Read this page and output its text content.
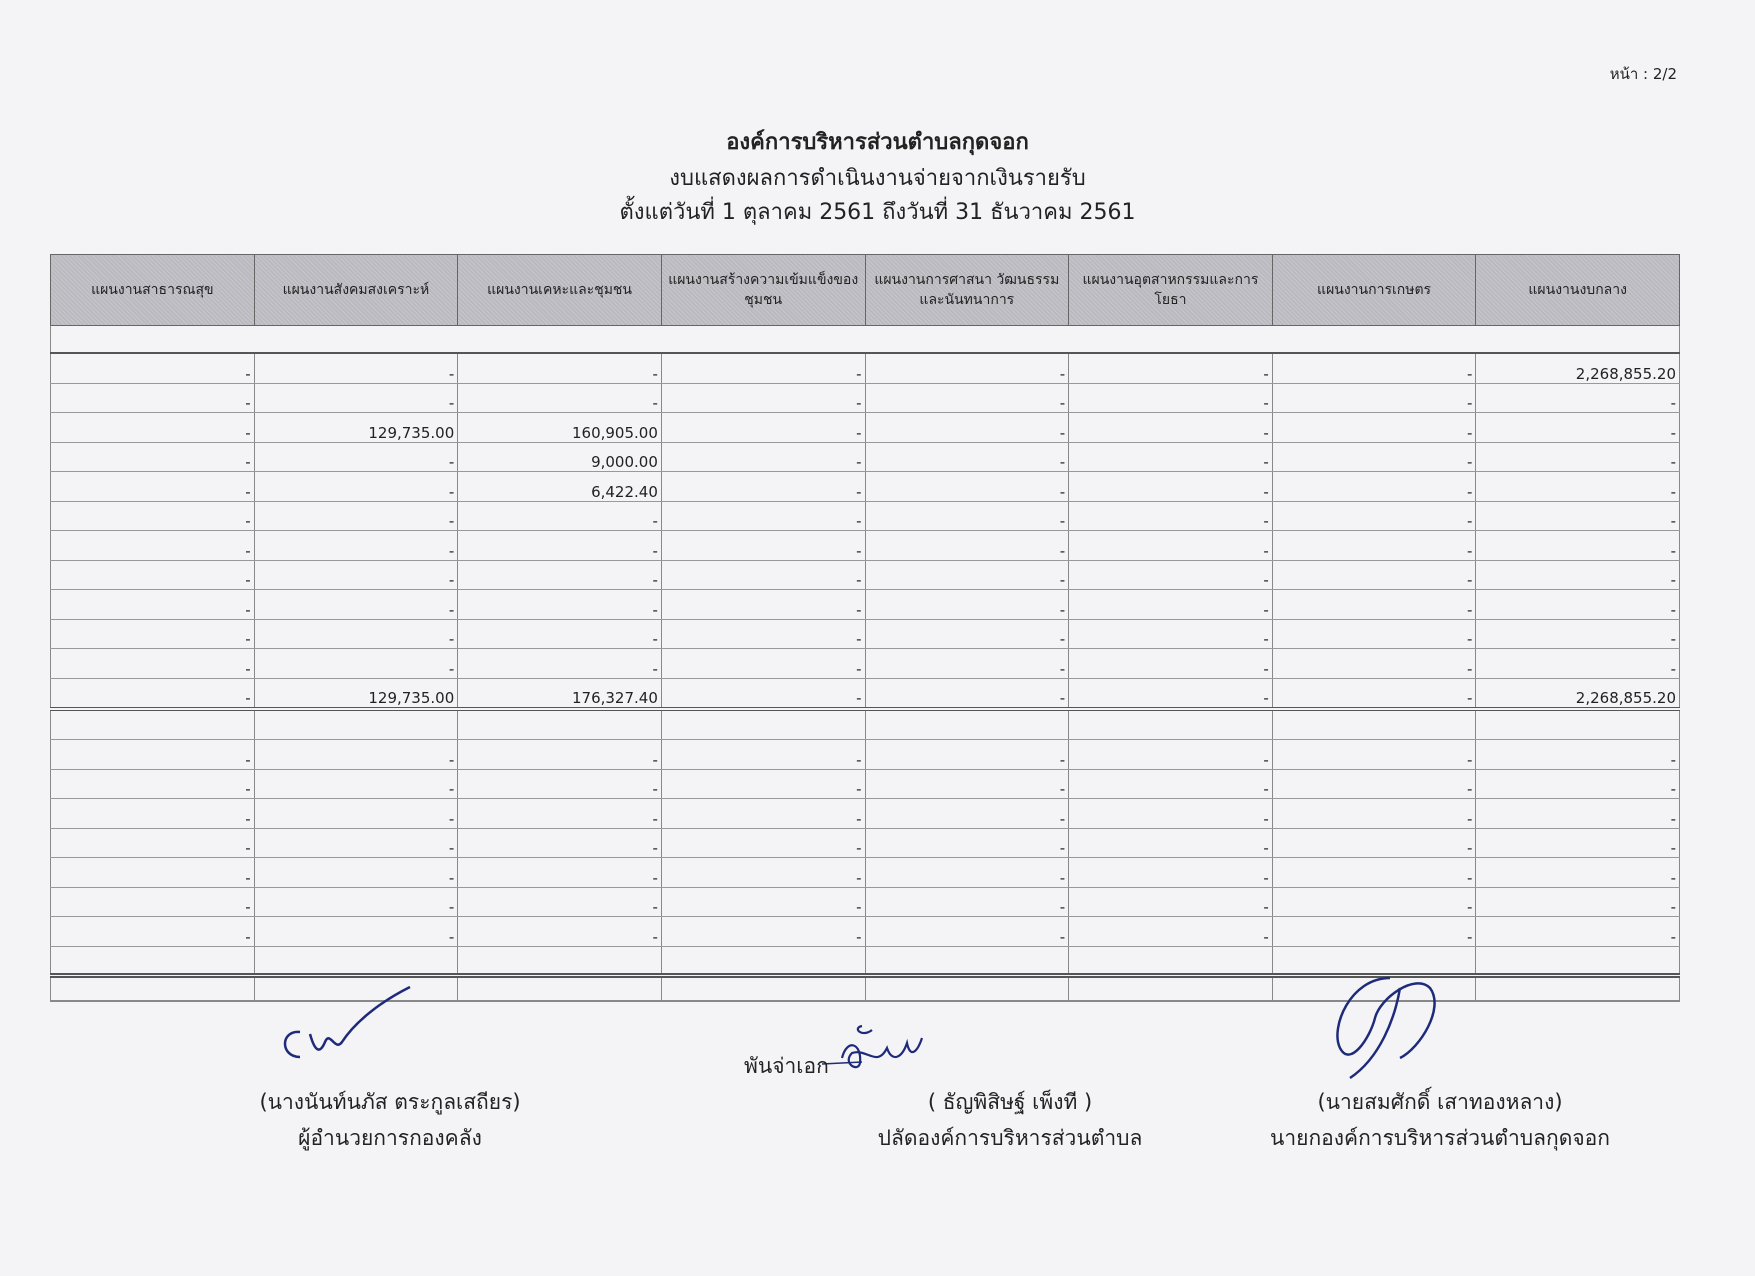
หน้า : 2/2
องค์การบริหารส่วนตำบลกุดจอก
งบแสดงผลการดำเนินงานจ่ายจากเงินรายรับ
ตั้งแต่วันที่ 1 ตุลาคม 2561 ถึงวันที่ 31 ธันวาคม 2561
แผนงานสาธารณสุข	แผนงานสังคมสงเคราะห์	แผนงานเคหะและชุมชน	แผนงานสร้างความเข้มแข็งของชุมชน	แผนงานการศาสนา วัฒนธรรมและนันทนาการ	แผนงานอุตสาหกรรมและการโยธา	แผนงานการเกษตร	แผนงานงบกลาง

-	-	-	-	-	-	-	2,268,855.20
-	-	-	-	-	-	-	-
-	129,735.00	160,905.00	-	-	-	-	-
-	-	9,000.00	-	-	-	-	-
-	-	6,422.40	-	-	-	-	-
-	-	-	-	-	-	-	-
-	-	-	-	-	-	-	-
-	-	-	-	-	-	-	-
-	-	-	-	-	-	-	-
-	-	-	-	-	-	-	-
-	-	-	-	-	-	-	-
-	129,735.00	176,327.40	-	-	-	-	2,268,855.20

-	-	-	-	-	-	-	-
-	-	-	-	-	-	-	-
-	-	-	-	-	-	-	-
-	-	-	-	-	-	-	-
-	-	-	-	-	-	-	-
-	-	-	-	-	-	-	-
-	-	-	-	-	-	-	-

(นางนันท์นภัส ตระกูลเสถียร)
ผู้อำนวยการกองคลัง
พันจ่าเอก
( ธัญพิสิษฐ์ เพ็งที )
ปลัดองค์การบริหารส่วนตำบล
(นายสมศักดิ์ เสาทองหลาง)
นายกองค์การบริหารส่วนตำบลกุดจอก
